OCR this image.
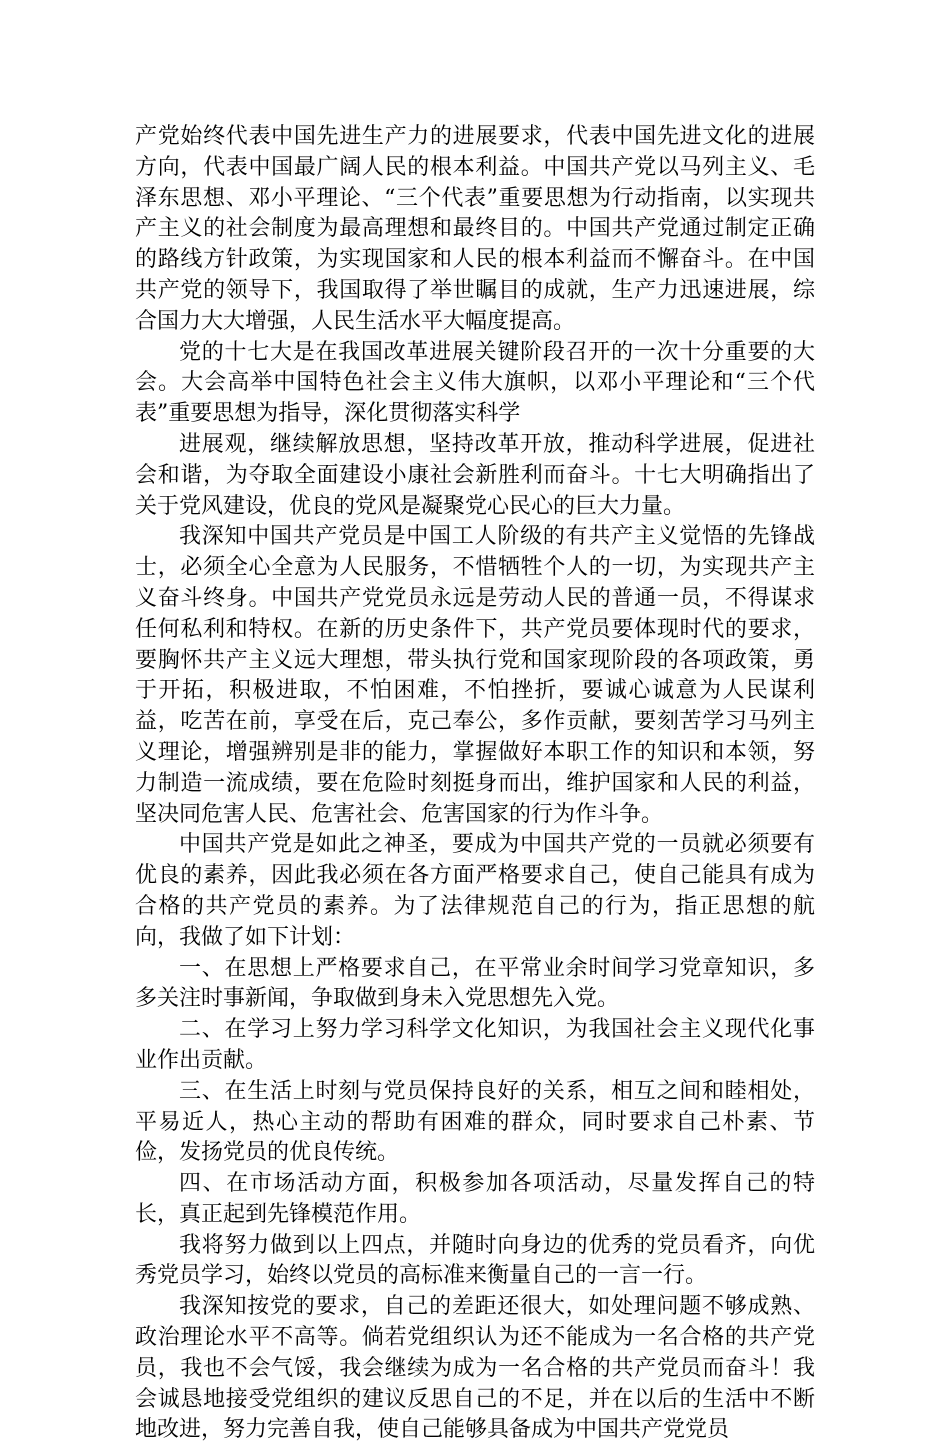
产党始终代表中国先进生产力的进展要求，代表中国先进文化的进展方向，代表中国最广阔人民的根本利益。中国共产党以马列主义、毛泽东思想、邓小平理论、“三个代表”重要思想为行动指南，以实现共产主义的社会制度为最高理想和最终目的。中国共产党通过制定正确的路线方针政策，为实现国家和人民的根本利益而不懈奋斗。在中国共产党的领导下，我国取得了举世瞩目的成就，生产力迅速进展，综合国力大大增强，人民生活水平大幅度提高。

党的十七大是在我国改革进展关键阶段召开的一次十分重要的大会。大会高举中国特色社会主义伟大旗帜，以邓小平理论和“三个代表”重要思想为指导，深化贯彻落实科学

进展观，继续解放思想，坚持改革开放，推动科学进展，促进社会和谐，为夺取全面建设小康社会新胜利而奋斗。十七大明确指出了关于党风建设，优良的党风是凝聚党心民心的巨大力量。

我深知中国共产党员是中国工人阶级的有共产主义觉悟的先锋战士，必须全心全意为人民服务，不惜牺牲个人的一切，为实现共产主义奋斗终身。中国共产党党员永远是劳动人民的普通一员，不得谋求任何私利和特权。在新的历史条件下，共产党员要体现时代的要求，要胸怀共产主义远大理想，带头执行党和国家现阶段的各项政策，勇于开拓，积极进取，不怕困难，不怕挫折，要诚心诚意为人民谋利益，吃苦在前，享受在后，克己奉公，多作贡献，要刻苦学习马列主义理论，增强辨别是非的能力，掌握做好本职工作的知识和本领，努力制造一流成绩，要在危险时刻挺身而出，维护国家和人民的利益，坚决同危害人民、危害社会、危害国家的行为作斗争。

中国共产党是如此之神圣，要成为中国共产党的一员就必须要有优良的素养，因此我必须在各方面严格要求自己，使自己能具有成为合格的共产党员的素养。为了法律规范自己的行为，指正思想的航向，我做了如下计划：

一、在思想上严格要求自己，在平常业余时间学习党章知识，多多关注时事新闻，争取做到身未入党思想先入党。

二、在学习上努力学习科学文化知识，为我国社会主义现代化事业作出贡献。

三、在生活上时刻与党员保持良好的关系，相互之间和睦相处，平易近人，热心主动的帮助有困难的群众，同时要求自己朴素、节俭，发扬党员的优良传统。

四、在市场活动方面，积极参加各项活动，尽量发挥自己的特长，真正起到先锋模范作用。

我将努力做到以上四点，并随时向身边的优秀的党员看齐，向优秀党员学习，始终以党员的高标准来衡量自己的一言一行。

我深知按党的要求，自己的差距还很大，如处理问题不够成熟、政治理论水平不高等。倘若党组织认为还不能成为一名合格的共产党员，我也不会气馁，我会继续为成为一名合格的共产党员而奋斗！我会诚恳地接受党组织的建议反思自己的不足，并在以后的生活中不断地改进，努力完善自我，使自己能够具备成为中国共产党党员
